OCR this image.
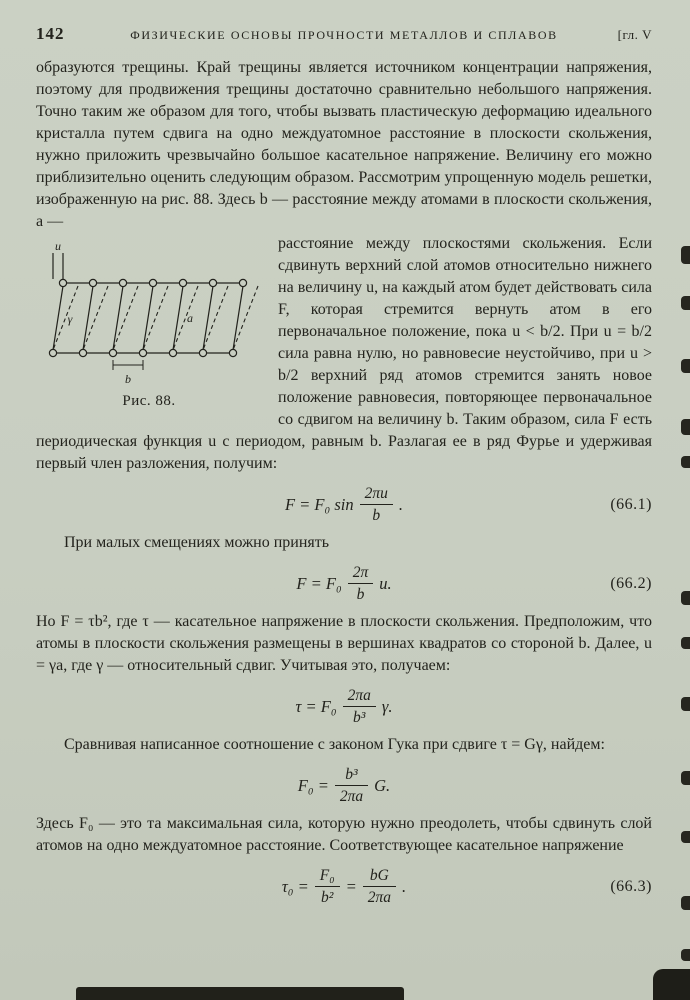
142	ФИЗИЧЕСКИЕ ОСНОВЫ ПРОЧНОСТИ МЕТАЛЛОВ И СПЛАВОВ	[гл. V

образуются трещины. Край трещины является источником концентрации напряжения, поэтому для продвижения трещины достаточно сравнительно небольшого напряжения. Точно таким же образом для того, чтобы вызвать пластическую деформацию идеального кристалла путем сдвига на одно междуатомное расстояние в плоскости скольжения, нужно приложить чрезвычайно большое касательное напряжение. Величину его можно приблизительно оценить следующим образом. Рассмотрим упрощенную модель решетки, изображенную на рис. 88. Здесь b — расстояние между атомами в плоскости скольжения, a —

u
γ	a
b
Рис. 88.

расстояние между плоскостями скольжения. Если сдвинуть верхний слой атомов относительно нижнего на величину u, на каждый атом будет действовать сила F, которая стремится вернуть атом в его первоначальное положение, пока u < b/2. При u = b/2 сила равна нулю, но равновесие неустойчиво, при u > b/2 верхний ряд атомов стремится занять новое положение равновесия, повторяющее первоначальное со сдвигом на величину b. Таким образом, сила F есть периодическая функция u с периодом, равным b. Разлагая ее в ряд Фурье и удерживая первый член разложения, получим:

F = F₀ $\sin \frac{2\pi u}{b}$ .	(66.1)

При малых смещениях можно принять

$F = F_0 \frac{2\pi}{b} u$.	(66.2)

Но F = τb², где τ — касательное напряжение в плоскости скольжения. Предположим, что атомы в плоскости скольжения размещены в вершинах квадратов со стороной b. Далее, u = γa, где γ — относительный сдвиг. Учитывая это, получаем:

$\tau = F_0 \frac{2\pi a}{\text{b³}} \gamma$.

Сравнивая написанное соотношение с законом Гука при сдвиге τ = Gγ, найдем:

$F_0 = \frac{\text{b³}}{2\pi a} G$.

Здесь F₀ — это та максимальная сила, которую нужно преодолеть, чтобы сдвинуть слой атомов на одно междуатомное расстояние. Соответствующее касательное напряжение

$\tau_0 = \frac{\text{F₀}}{\text{b²}} = \frac{bG}{2\pi a}$ .	(66.3)
